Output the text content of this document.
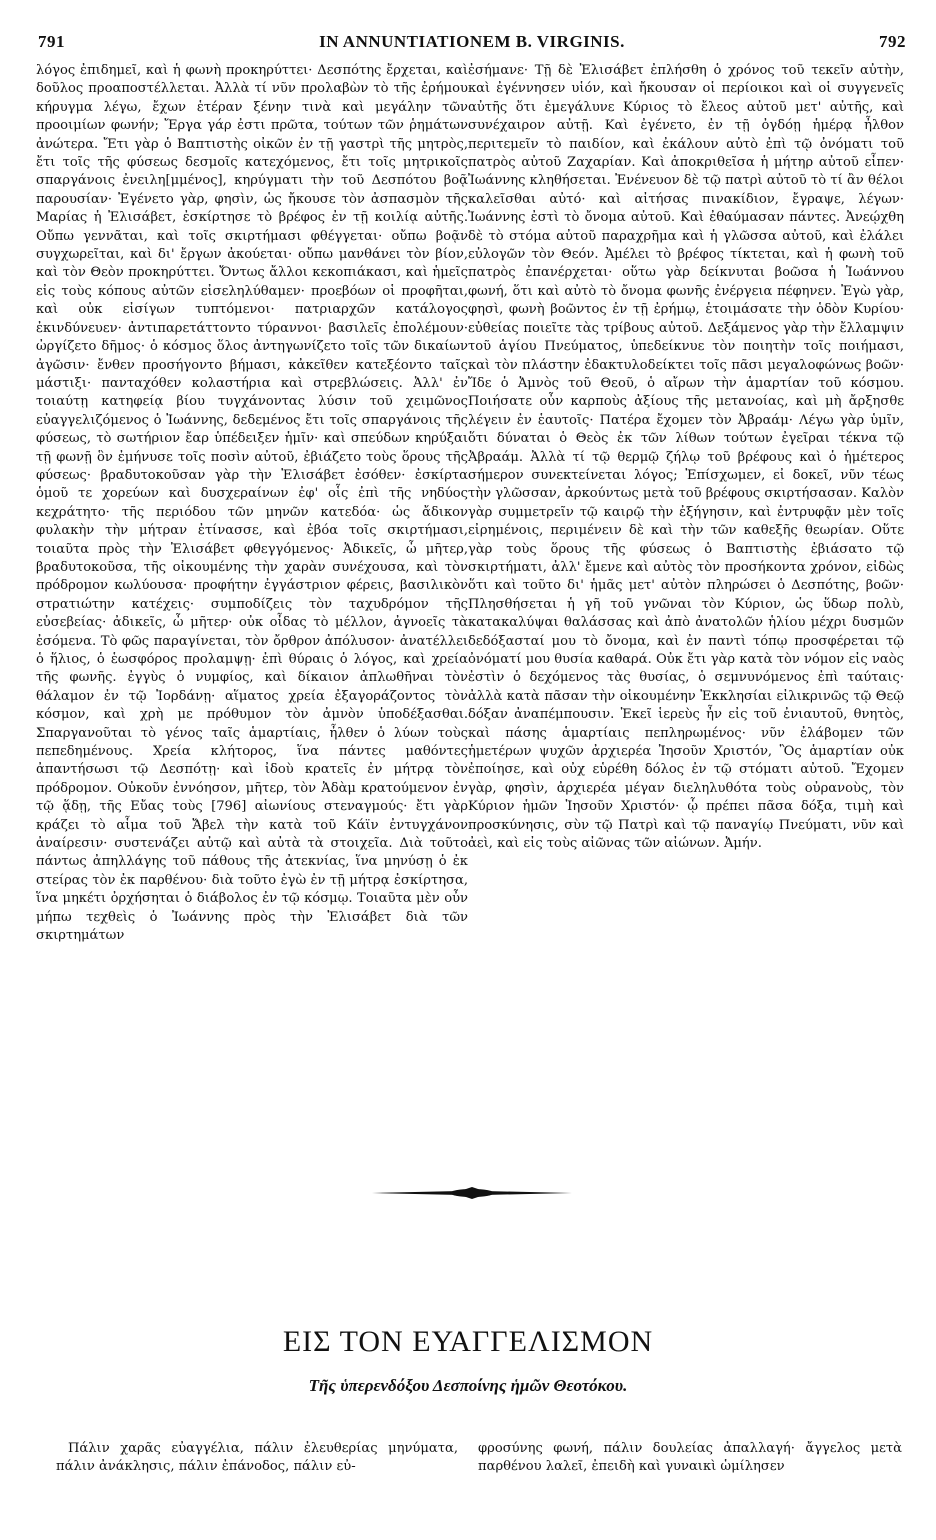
791	IN ANNUNTIATIONEM B. VIRGINIS.	792

λόγος ἐπιδημεῖ, καὶ ἡ φωνὴ προκηρύττει· Δεσπότης ἔρχεται, καὶ δοῦλος προαποστέλλεται. Ἀλλὰ τί νῦν προλαβὼν τὸ τῆς ἐρήμου κήρυγμα λέγω, ἔχων ἑτέραν ξένην τινὰ καὶ μεγάλην τῶν προοιμίων φωνήν; Ἔργα γάρ ἐστι πρῶτα, τούτων τῶν ῥημάτων ἀνώτερα. Ἔτι γὰρ ὁ Βαπτιστὴς οἰκῶν ἐν τῇ γαστρὶ τῆς μητρὸς, ἔτι τοῖς τῆς φύσεως δεσμοῖς κατεχόμενος, ἔτι τοῖς μητρικοῖς σπαργάνοις ἐνειλη[μμένος], κηρύγματι τὴν τοῦ Δεσπότου βοᾷ παρουσίαν· Ἐγένετο γὰρ, φησὶν, ὡς ἤκουσε τὸν ἀσπασμὸν τῆς Μαρίας ἡ Ἐλισάβετ, ἐσκίρτησε τὸ βρέφος ἐν τῇ κοιλίᾳ αὐτῆς. Οὔπω γεννᾶται, καὶ τοῖς σκιρτήμασι φθέγγεται· οὔπω βοᾷν συγχωρεῖται, καὶ δι' ἔργων ἀκούεται· οὔπω μανθάνει τὸν βίον, καὶ τὸν Θεὸν προκηρύττει. Ὄντως ἄλλοι κεκοπιάκασι, καὶ ἡμεῖς εἰς τοὺς κόπους αὐτῶν εἰσεληλύθαμεν· προεβόων οἱ προφῆται, καὶ οὐκ εἰσίγων τυπτόμενοι· πατριαρχῶν κατάλογος ἐκινδύνευεν· ἀντιπαρετάττοντο τύραννοι· βασιλεῖς ἐπολέμουν· ὠργίζετο δῆμος· ὁ κόσμος ὅλος ἀντηγωνίζετο τοῖς τῶν δικαίων ἀγῶσιν· ἔνθεν προσήγοντο βήμασι, κἀκεῖθεν κατεξέοντο ταῖς μάστιξι· πανταχόθεν κολαστήρια καὶ στρεβλώσεις. Ἀλλ' ἐν τοιαύτῃ κατηφείᾳ βίου τυγχάνοντας λύσιν τοῦ χειμῶνος εὐαγγελιζόμενος ὁ Ἰωάννης, δεδεμένος ἔτι τοῖς σπαργάνοις τῆς φύσεως, τὸ σωτήριον ἔαρ ὑπέδειξεν ἡμῖν· καὶ σπεύδων κηρύξαι τῇ φωνῇ ὃν ἐμήνυσε τοῖς ποσὶν αὐτοῦ, ἐβιάζετο τοὺς ὅρους τῆς φύσεως· βραδυτοκοῦσαν γὰρ τὴν Ἐλισάβετ ἐσόθεν· ἐσκίρτα ὁμοῦ τε χορεύων καὶ δυσχεραίνων ἐφ' οἷς ἐπὶ τῆς νηδύος κεχράτητο· τῆς περιόδου τῶν μηνῶν κατεδόα· ὡς ἄδικον φυλακὴν τὴν μήτραν ἐτίνασσε, καὶ ἐβόα τοῖς σκιρτήμασι, τοιαῦτα πρὸς τὴν Ἐλισάβετ φθεγγόμενος· Ἀδικεῖς, ὦ μῆτερ, βραδυτοκοῦσα, τῆς οἰκουμένης τὴν χαρὰν συνέχουσα, καὶ τὸν πρόδρομον κωλύουσα· προφήτην ἐγγάστριον φέρεις, βασιλικὸν στρατιώτην κατέχεις· συμποδίζεις τὸν ταχυδρόμον τῆς εὐσεβείας· ἀδικεῖς, ὦ μῆτερ· οὐκ οἶδας τὸ μέλλον, ἀγνοεῖς τὰ ἐσόμενα. Τὸ φῶς παραγίνεται, τὸν ὄρθρον ἀπόλυσον· ἀνατέλλει ὁ ἥλιος, ὁ ἑωσφόρος προλαμψῃ· ἐπὶ θύραις ὁ λόγος, καὶ χρεία τῆς φωνῆς. ἐγγὺς ὁ νυμφίος, καὶ δίκαιον ἀπλωθῆναι τὸν θάλαμον ἐν τῷ Ἰορδάνῃ· αἵματος χρεία ἐξαγοράζοντος τὸν κόσμον, καὶ χρὴ με πρόθυμον τὸν ἀμνὸν ὑποδέξασθαι. Σπαργανοῦται τὸ γένος ταῖς ἁμαρτίαις, ἦλθεν ὁ λύων τοὺς πεπεδημένους. Χρεία κλήτορος, ἵνα πάντες μαθόντες ἀπαντήσωσι τῷ Δεσπότῃ· καὶ ἰδοὺ κρατεῖς ἐν μήτρᾳ τὸν πρόδρομον. Οὐκοῦν ἐννόησον, μῆτερ, τὸν Ἀδὰμ κρατούμενον ἐν τῷ ᾅδῃ, τῆς Εὔας τοὺς [796] αἰωνίους στεναγμούς· ἔτι γὰρ κράζει τὸ αἷμα τοῦ Ἄβελ τὴν κατὰ τοῦ Κάϊν ἐντυγχάνον ἀναίρεσιν· συστενάζει αὐτῷ καὶ αὐτὰ τὰ στοιχεῖα. Διὰ τοῦτο πάντως ἀπηλλάγης τοῦ πάθους τῆς ἀτεκνίας, ἵνα μηνύσῃ ὁ ἐκ στείρας τὸν ἐκ παρθένου· διὰ τοῦτο ἐγὼ ἐν τῇ μήτρᾳ ἐσκίρτησα, ἵνα μηκέτι ὀρχήσηται ὁ διάβολος ἐν τῷ κόσμῳ. Τοιαῦτα μὲν οὖν μήπω τεχθεὶς ὁ Ἰωάννης πρὸς τὴν Ἐλισάβετ διὰ τῶν σκιρτημάτων

ἐσήμανε· Τῇ δὲ Ἐλισάβετ ἐπλήσθη ὁ χρόνος τοῦ τεκεῖν αὐτὴν, καὶ ἐγέννησεν υἱόν, καὶ ἤκουσαν οἱ περίοικοι καὶ οἱ συγγενεῖς αὐτῆς ὅτι ἐμεγάλυνε Κύριος τὸ ἔλεος αὐτοῦ μετ' αὐτῆς, καὶ συνέχαιρον αὐτῇ. Καὶ ἐγένετο, ἐν τῇ ὀγδόῃ ἡμέρᾳ ἦλθον περιτεμεῖν τὸ παιδίον, καὶ ἐκάλουν αὐτὸ ἐπὶ τῷ ὀνόματι τοῦ πατρὸς αὐτοῦ Ζαχαρίαν. Καὶ ἀποκριθεῖσα ἡ μήτηρ αὐτοῦ εἶπεν· Ἰωάννης κληθήσεται. Ἐνένευον δὲ τῷ πατρὶ αὐτοῦ τὸ τί ἂν θέλοι καλεῖσθαι αὐτό· καὶ αἰτήσας πινακίδιον, ἔγραψε, λέγων· Ἰωάννης ἐστὶ τὸ ὄνομα αὐτοῦ. Καὶ ἐθαύμασαν πάντες. Ἀνεῴχθη δὲ τὸ στόμα αὐτοῦ παραχρῆμα καὶ ἡ γλῶσσα αὐτοῦ, καὶ ἐλάλει εὐλογῶν τὸν Θεόν. Ἀμέλει τὸ βρέφος τίκτεται, καὶ ἡ φωνὴ τοῦ πατρὸς ἐπανέρχεται· οὕτω γὰρ δείκνυται βοῶσα ἡ Ἰωάννου φωνή, ὅτι καὶ αὐτὸ τὸ ὄνομα φωνῆς ἐνέργεια πέφηνεν. Ἐγὼ γὰρ, φησὶ, φωνὴ βοῶντος ἐν τῇ ἐρήμῳ, ἑτοιμάσατε τὴν ὁδὸν Κυρίου· εὐθείας ποιεῖτε τὰς τρίβους αὐτοῦ. Δεξάμενος γὰρ τὴν ἔλλαμψιν τοῦ ἁγίου Πνεύματος, ὑπεδείκνυε τὸν ποιητὴν τοῖς ποιήμασι, καὶ τὸν πλάστην ἐδακτυλοδείκτει τοῖς πᾶσι μεγαλοφώνως βοῶν· Ἴδε ὁ Ἀμνὸς τοῦ Θεοῦ, ὁ αἴρων τὴν ἁμαρτίαν τοῦ κόσμου. Ποιήσατε οὖν καρποὺς ἀξίους τῆς μετανοίας, καὶ μὴ ἄρξησθε λέγειν ἐν ἑαυτοῖς· Πατέρα ἔχομεν τὸν Ἀβραάμ· Λέγω γὰρ ὑμῖν, ὅτι δύναται ὁ Θεὸς ἐκ τῶν λίθων τούτων ἐγεῖραι τέκνα τῷ Ἀβραάμ. Ἀλλὰ τί τῷ θερμῷ ζήλῳ τοῦ βρέφους καὶ ὁ ἡμέτερος σήμερον συνεκτείνεται λόγος; Ἐπίσχωμεν, εἰ δοκεῖ, νῦν τέως τὴν γλῶσσαν, ἀρκούντως μετὰ τοῦ βρέφους σκιρτήσασαν. Καλὸν γὰρ συμμετρεῖν τῷ καιρῷ τὴν ἐξήγησιν, καὶ ἐντρυφᾷν μὲν τοῖς εἰρημένοις, περιμένειν δὲ καὶ τὴν τῶν καθεξῆς θεωρίαν. Οὕτε γὰρ τοὺς ὅρους τῆς φύσεως ὁ Βαπτιστὴς ἐβιάσατο τῷ σκιρτήματι, ἀλλ' ἔμενε καὶ αὐτὸς τὸν προσήκοντα χρόνον, εἰδὼς ὅτι καὶ τοῦτο δι' ἡμᾶς μετ' αὐτὸν πληρώσει ὁ Δεσπότης, βοῶν· Πλησθήσεται ἡ γῆ τοῦ γνῶναι τὸν Κύριον, ὡς ὕδωρ πολὺ, κατακαλύψαι θαλάσσας καὶ ἀπὸ ἀνατολῶν ἡλίου μέχρι δυσμῶν δεδόξασταί μου τὸ ὄνομα, καὶ ἐν παντὶ τόπῳ προσφέρεται τῷ ὀνόματί μου θυσία καθαρά. Οὐκ ἔτι γὰρ κατὰ τὸν νόμον εἰς ναὸς ἐστὶν ὁ δεχόμενος τὰς θυσίας, ὁ σεμνυνόμενος ἐπὶ ταύταις· ἀλλὰ κατὰ πᾶσαν τὴν οἰκουμένην Ἐκκλησίαι εἰλικρινῶς τῷ Θεῷ δόξαν ἀναπέμπουσιν. Ἐκεῖ ἱερεὺς ἦν εἰς τοῦ ἐνιαυτοῦ, θνητὸς, καὶ πάσης ἁμαρτίαις πεπληρωμένος· νῦν ἐλάβομεν τῶν ἡμετέρων ψυχῶν ἀρχιερέα Ἰησοῦν Χριστόν, Ὃς ἁμαρτίαν οὐκ ἐποίησε, καὶ οὐχ εὑρέθη δόλος ἐν τῷ στόματι αὐτοῦ. Ἔχομεν γὰρ, φησὶν, ἀρχιερέα μέγαν διεληλυθότα τοὺς οὐρανοὺς, τὸν Κύριον ἡμῶν Ἰησοῦν Χριστόν· ᾧ πρέπει πᾶσα δόξα, τιμὴ καὶ προσκύνησις, σὺν τῷ Πατρὶ καὶ τῷ παναγίῳ Πνεύματι, νῦν καὶ ἀεὶ, καὶ εἰς τοὺς αἰῶνας τῶν αἰώνων. Ἀμήν.

ΕΙΣ ΤΟΝ ΕΥΑΓΓΕΛΙΣΜΟΝ
Τῆς ὑπερενδόξου Δεσποίνης ἡμῶν Θεοτόκου.
Πάλιν χαρᾶς εὐαγγέλια, πάλιν ἐλευθερίας μηνύματα, πάλιν ἀνάκλησις, πάλιν ἐπάνοδος, πάλιν εὐ-
φροσύνης φωνή, πάλιν δουλείας ἀπαλλαγή· ἄγγελος μετὰ παρθένου λαλεῖ, ἐπειδὴ καὶ γυναικὶ ὡμίλησεν
